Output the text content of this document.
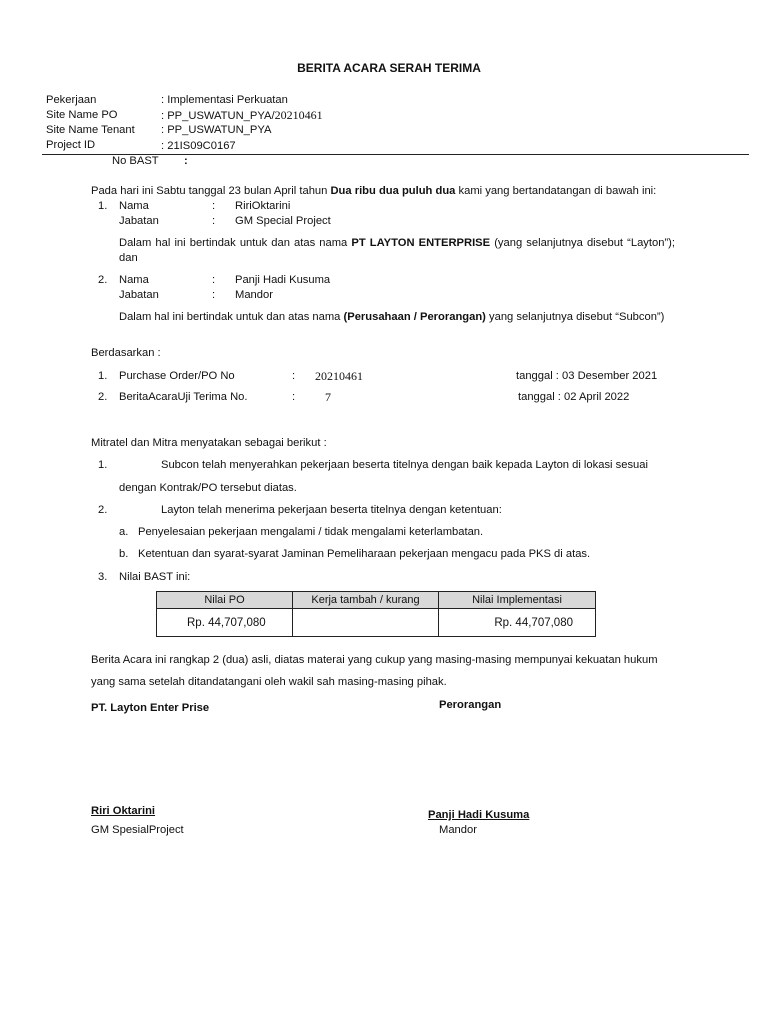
BERITA ACARA SERAH TERIMA
Pekerjaan	: Implementasi Perkuatan
Site Name PO	: PP_USWATUN_PYA/20210461
Site Name Tenant : PP_USWATUN_PYA
Project ID	: 21IS09C0167
No BAST :
Pada hari ini Sabtu tanggal 23 bulan April tahun Dua ribu dua puluh dua kami yang bertandatangan di bawah ini:
1. Nama	: RiriOktarini
Jabatan	: GM Special Project
Dalam hal ini bertindak untuk dan atas nama PT LAYTON ENTERPRISE (yang selanjutnya disebut “Layton”); dan
2. Nama	: Panji Hadi Kusuma
Jabatan	: Mandor
Dalam hal ini bertindak untuk dan atas nama (Perusahaan / Perorangan) yang selanjutnya disebut “Subcon”)
Berdasarkan :
1. Purchase Order/PO No	: 20210461	tanggal : 03 Desember 2021
2. BeritaAcaraUji Terima No.	: 7	tanggal : 02 April 2022
Mitratel dan Mitra menyatakan sebagai berikut :
1.	Subcon telah menyerahkan pekerjaan beserta titelnya dengan baik kepada Layton di lokasi sesuai
dengan Kontrak/PO tersebut diatas.
2.	Layton telah menerima pekerjaan beserta titelnya dengan ketentuan:
a. Penyelesaian pekerjaan mengalami / tidak mengalami keterlambatan.
b. Ketentuan dan syarat-syarat Jaminan Pemeliharaan pekerjaan mengacu pada PKS di atas.
3. Nilai BAST ini:
Nilai PO	Kerja tambah / kurang	Nilai Implementasi
Rp. 44,707,080		Rp. 44,707,080
Berita Acara ini rangkap 2 (dua) asli, diatas materai yang cukup yang masing-masing mempunyai kekuatan hukum
yang sama setelah ditandatangani oleh wakil sah masing-masing pihak.
PT. Layton Enter Prise	Perorangan
Riri Oktarini
GM SpesialProject
Panji Hadi Kusuma
Mandor
